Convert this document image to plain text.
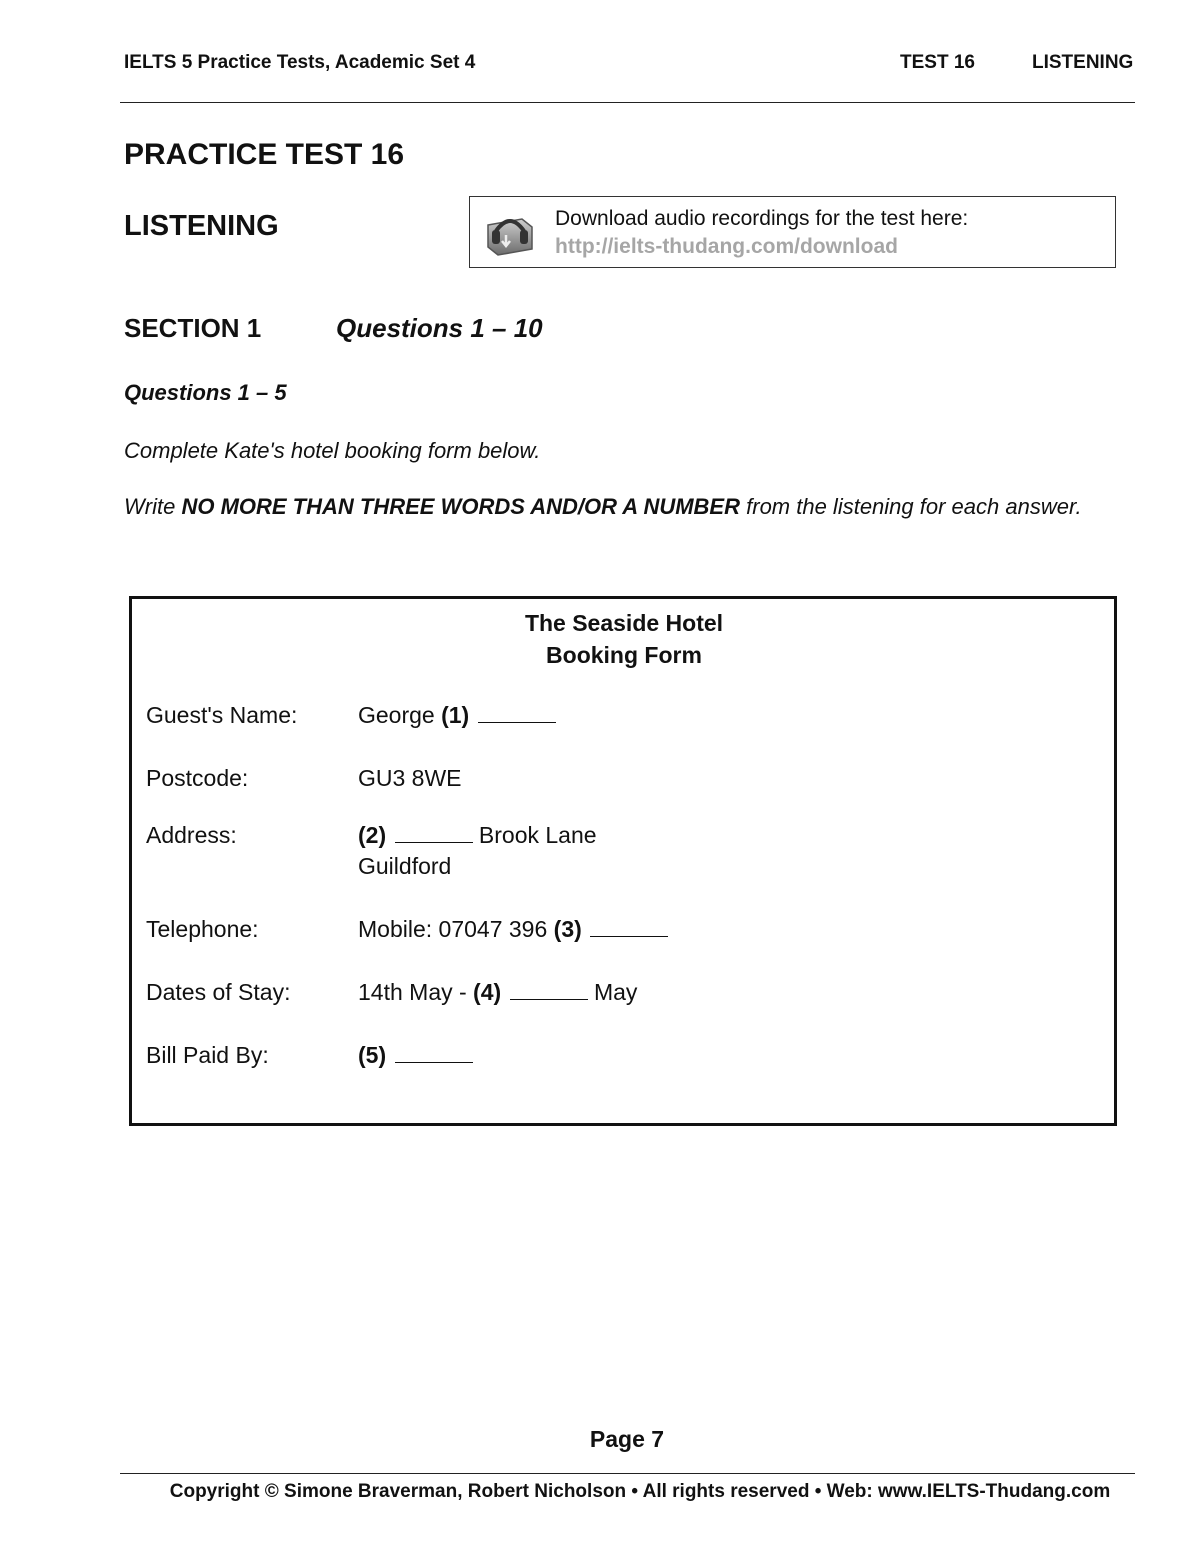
IELTS 5 Practice Tests, Academic Set 4	TEST 16	LISTENING
PRACTICE TEST 16
LISTENING	Download audio recordings for the test here:
http://ielts-thudang.com/download
SECTION 1	Questions 1 – 10
Questions 1 – 5
Complete Kate's hotel booking form below.
Write NO MORE THAN THREE WORDS AND/OR A NUMBER from the listening for each answer.
The Seaside Hotel
Booking Form
Guest's Name:	George (1)
Postcode:	GU3 8WE
Address:	(2)	Brook Lane
Guildford
Telephone:	Mobile: 07047 396 (3)
Dates of Stay:	14th May - (4)	May
Bill Paid By:	(5)
Page 7
Copyright © Simone Braverman, Robert Nicholson • All rights reserved • Web: www.IELTS-Thudang.com
